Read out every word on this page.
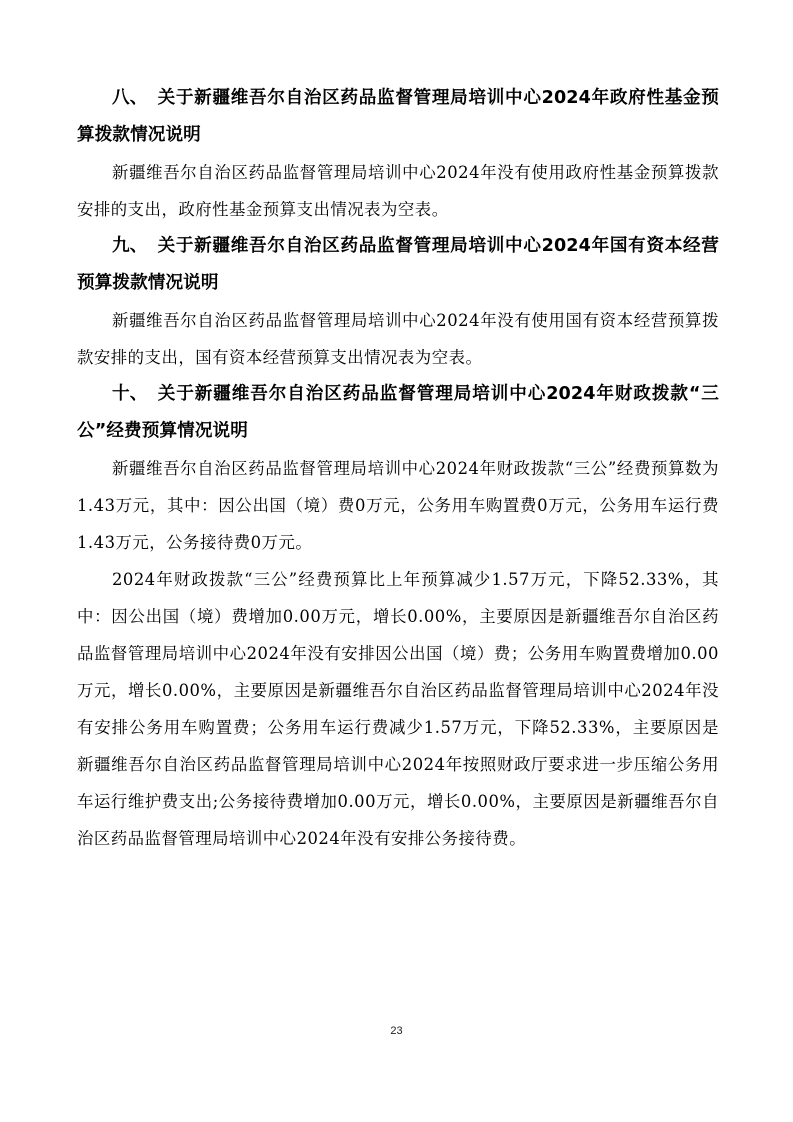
八、 关于新疆维吾尔自治区药品监督管理局培训中心2024年政府性基金预算拨款情况说明

新疆维吾尔自治区药品监督管理局培训中心2024年没有使用政府性基金预算拨款安排的支出，政府性基金预算支出情况表为空表。

九、 关于新疆维吾尔自治区药品监督管理局培训中心2024年国有资本经营预算拨款情况说明

新疆维吾尔自治区药品监督管理局培训中心2024年没有使用国有资本经营预算拨款安排的支出，国有资本经营预算支出情况表为空表。

十、 关于新疆维吾尔自治区药品监督管理局培训中心2024年财政拨款“三公”经费预算情况说明

新疆维吾尔自治区药品监督管理局培训中心2024年财政拨款“三公”经费预算数为1.43万元，其中：因公出国（境）费0万元，公务用车购置费0万元，公务用车运行费1.43万元，公务接待费0万元。

2024年财政拨款“三公”经费预算比上年预算减少1.57万元，下降52.33%，其中：因公出国（境）费增加0.00万元，增长0.00%，主要原因是新疆维吾尔自治区药品监督管理局培训中心2024年没有安排因公出国（境）费；公务用车购置费增加0.00万元，增长0.00%，主要原因是新疆维吾尔自治区药品监督管理局培训中心2024年没有安排公务用车购置费；公务用车运行费减少1.57万元，下降52.33%，主要原因是新疆维吾尔自治区药品监督管理局培训中心2024年按照财政厅要求进一步压缩公务用车运行维护费支出;公务接待费增加0.00万元，增长0.00%，主要原因是新疆维吾尔自治区药品监督管理局培训中心2024年没有安排公务接待费。

23
